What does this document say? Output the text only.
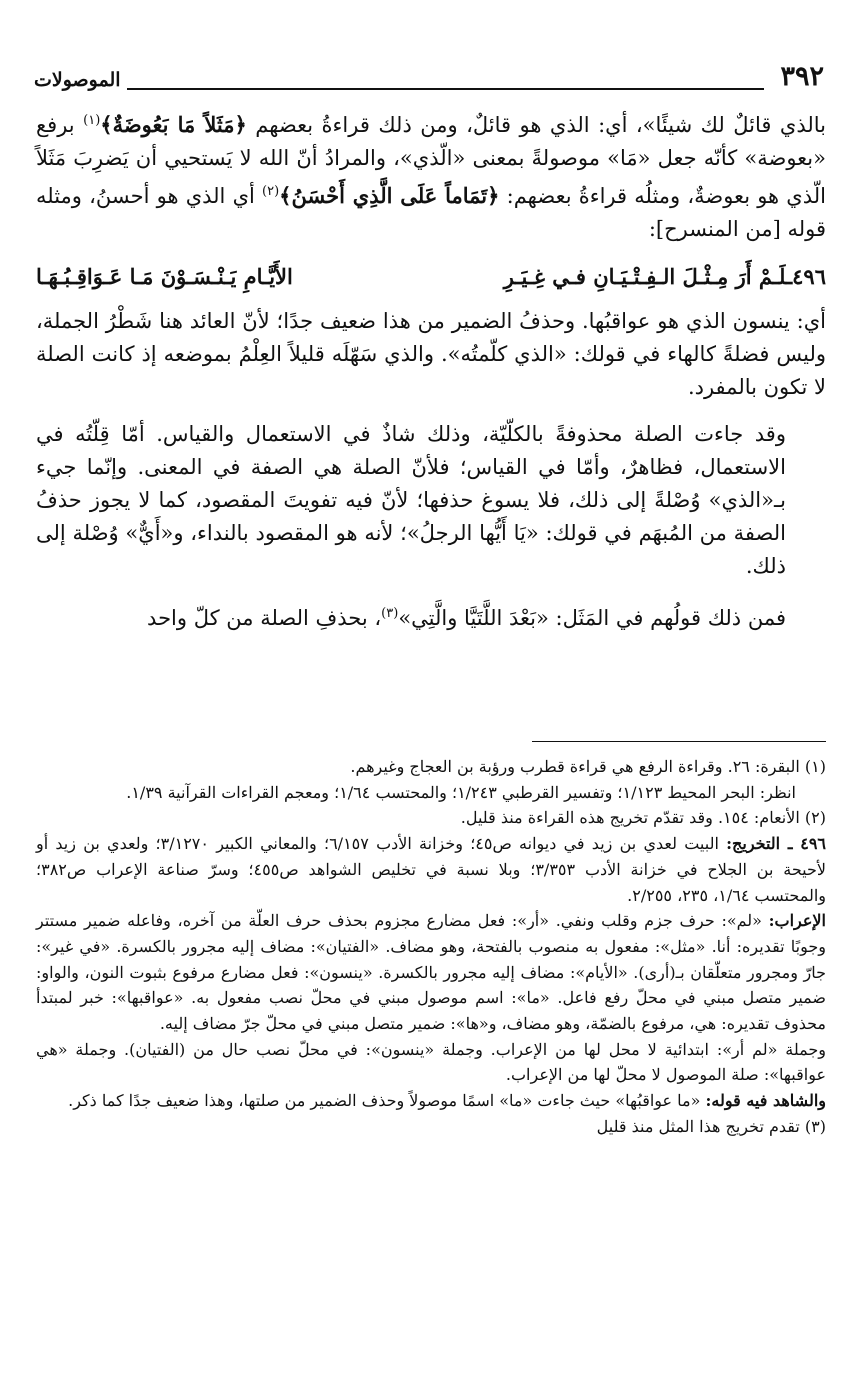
٣٩٢
الموصولات

بالذي قائلٌ لك شيئًا»، أي: الذي هو قائلٌ، ومن ذلك قراءةُ بعضهم ﴿مَثَلاً مَا بَعُوضَةٌ﴾$^{(١)}$ برفع «بعوضة» كأنّه جعل «مَا» موصولةً بمعنى «الّذي»، والمرادُ أنّ الله لا يَستحيي أن يَضرِبَ مَثَلاً الّذي هو بعوضةٌ، ومثلُه قراءةُ بعضهم: ﴿تَمَاماً عَلَى الَّذِي أَحْسَنُ﴾$^{(٢)}$ أي الذي هو أحسنُ، ومثله قوله [من المنسرح]:

٤٩٦ـلَـمْ أَرَ مِـثْـلَ الـفِـتْـيَـانِ فـي غِـيَـرِ
الأَيَّـامِ يَـنْـسَـوْنَ مَـا عَـوَاقِـبُـهَـا

أي: ينسون الذي هو عواقبُها. وحذفُ الضمير من هذا ضعيف جدًا؛ لأنّ العائد هنا شَطْرُ الجملة، وليس فضلةً كالهاء في قولك: «الذي كلّمتُه». والذي سَهّلَه قليلاً العِلْمُ بموضعه إذ كانت الصلة لا تكون بالمفرد.

وقد جاءت الصلة محذوفةً بالكلّيّة، وذلك شاذٌ في الاستعمال والقياس. أمّا قِلّتُه في الاستعمال، فظاهرٌ، وأمّا في القياس؛ فلأنّ الصلة هي الصفة في المعنى. وإنّما جيء بـ«الذي» وُصْلةً إلى ذلك، فلا يسوغ حذفها؛ لأنّ فيه تفويتَ المقصود، كما لا يجوز حذفُ الصفة من المُبهَم في قولك: «يَا أَيُّها الرجلُ»؛ لأنه هو المقصود بالنداء، و«أَيٌّ» وُصْلة إلى ذلك.

فمن ذلك قولُهم في المَثَل: «بَعْدَ اللَّتَيَّا والَّتِي»$^{(٣)}$، بحذفِ الصلة من كلّ واحد

(١) البقرة: ٢٦. وقراءة الرفع هي قراءة قطرب ورؤبة بن العجاج وغيرهم.

انظر: البحر المحيط ١/١٢٣؛ وتفسير القرطبي ١/٢٤٣؛ والمحتسب ١/٦٤؛ ومعجم القراءات القرآنية ١/٣٩.

(٢) الأنعام: ١٥٤. وقد تقدّم تخريج هذه القراءة منذ قليل.

٤٩٦ ـ التخريج: البيت لعدي بن زيد في ديوانه ص٤٥؛ وخزانة الأدب ٦/١٥٧؛ والمعاني الكبير ٣/١٢٧٠؛ ولعدي بن زيد أو لأحيحة بن الجلاح في خزانة الأدب ٣/٣٥٣؛ وبلا نسبة في تخليص الشواهد ص٤٥٥؛ وسرّ صناعة الإعراب ص٣٨٢؛ والمحتسب ١/٦٤، ٢٣٥، ٢/٢٥٥.

الإعراب: «لم»: حرف جزم وقلب ونفي. «أر»: فعل مضارع مجزوم بحذف حرف العلّة من آخره، وفاعله ضمير مستتر وجوبًا تقديره: أنا. «مثل»: مفعول به منصوب بالفتحة، وهو مضاف. «الفتيان»: مضاف إليه مجرور بالكسرة. «في غير»: جارّ ومجرور متعلّقان بـ(أرى). «الأيام»: مضاف إليه مجرور بالكسرة. «ينسون»: فعل مضارع مرفوع بثبوت النون، والواو: ضمير متصل مبني في محلّ رفع فاعل. «ما»: اسم موصول مبني في محلّ نصب مفعول به. «عواقبها»: خبر لمبتدأ محذوف تقديره: هي، مرفوع بالضمّة، وهو مضاف، و«ها»: ضمير متصل مبني في محلّ جرّ مضاف إليه.

وجملة «لم أر»: ابتدائية لا محل لها من الإعراب. وجملة «ينسون»: في محلّ نصب حال من (الفتيان). وجملة «هي عواقبها»: صلة الموصول لا محلّ لها من الإعراب.

والشاهد فيه قوله: «ما عواقبُها» حيث جاءت «ما» اسمًا موصولاً وحذف الضمير من صلتها، وهذا ضعيف جدًا كما ذكر.

(٣) تقدم تخريج هذا المثل منذ قليل
